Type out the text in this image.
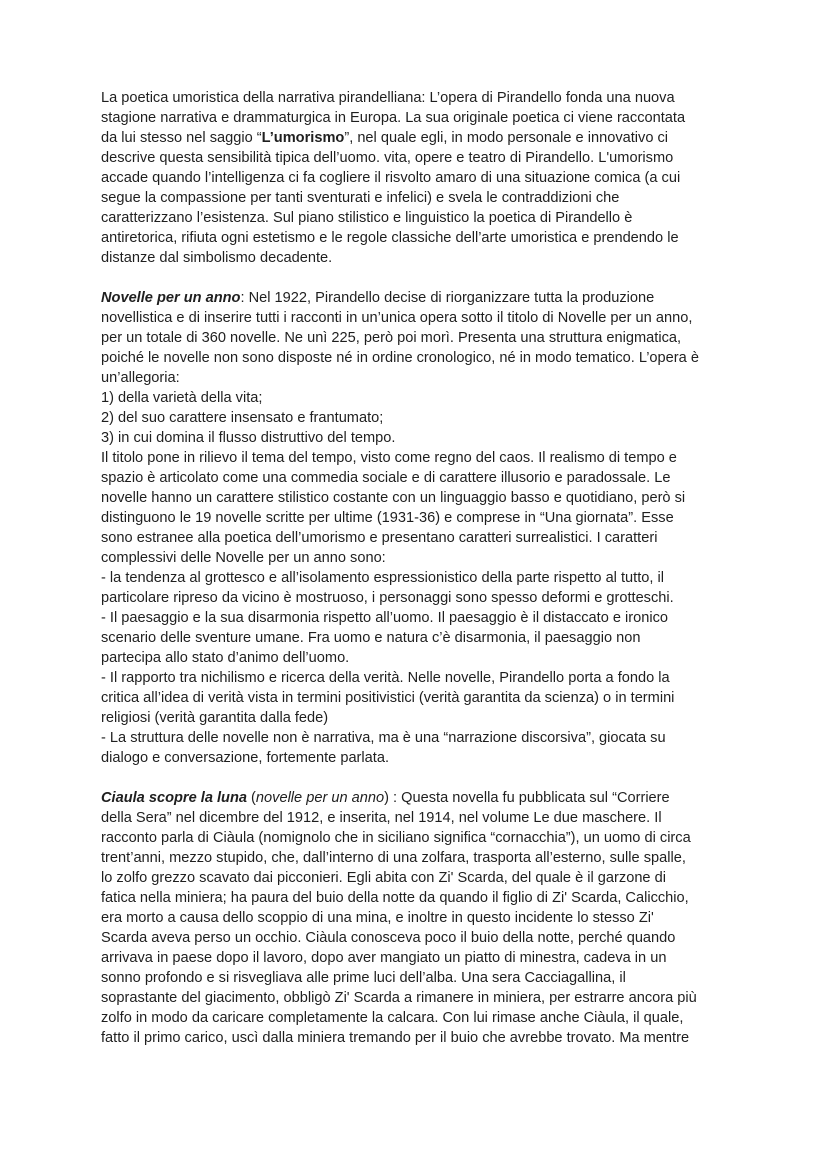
La poetica umoristica della narrativa pirandelliana: L’opera di Pirandello fonda una nuova
stagione narrativa e drammaturgica in Europa. La sua originale poetica ci viene raccontata
da lui stesso nel saggio “L’umorismo”, nel quale egli, in modo personale e innovativo ci
descrive questa sensibilità tipica dell’uomo. vita, opere e teatro di Pirandello. L'umorismo
accade quando l’intelligenza ci fa cogliere il risvolto amaro di una situazione comica (a cui
segue la compassione per tanti sventurati e infelici) e svela le contraddizioni che
caratterizzano l’esistenza. Sul piano stilistico e linguistico la poetica di Pirandello è
antiretorica, rifiuta ogni estetismo e le regole classiche dell’arte umoristica e prendendo le
distanze dal simbolismo decadente.
Novelle per un anno: Nel 1922, Pirandello decise di riorganizzare tutta la produzione
novellistica e di inserire tutti i racconti in un’unica opera sotto il titolo di Novelle per un anno,
per un totale di 360 novelle. Ne unì 225, però poi morì. Presenta una struttura enigmatica,
poiché le novelle non sono disposte né in ordine cronologico, né in modo tematico. L’opera è
un’allegoria:
1) della varietà della vita;
2) del suo carattere insensato e frantumato;
3) in cui domina il flusso distruttivo del tempo.
Il titolo pone in rilievo il tema del tempo, visto come regno del caos. Il realismo di tempo e
spazio è articolato come una commedia sociale e di carattere illusorio e paradossale. Le
novelle hanno un carattere stilistico costante con un linguaggio basso e quotidiano, però si
distinguono le 19 novelle scritte per ultime (1931-36) e comprese in “Una giornata”. Esse
sono estranee alla poetica dell’umorismo e presentano caratteri surrealistici. I caratteri
complessivi delle Novelle per un anno sono:
- la tendenza al grottesco e all’isolamento espressionistico della parte rispetto al tutto, il
particolare ripreso da vicino è mostruoso, i personaggi sono spesso deformi e grotteschi.
- Il paesaggio e la sua disarmonia rispetto all’uomo. Il paesaggio è il distaccato e ironico
scenario delle sventure umane. Fra uomo e natura c’è disarmonia, il paesaggio non
partecipa allo stato d’animo dell’uomo.
- Il rapporto tra nichilismo e ricerca della verità. Nelle novelle, Pirandello porta a fondo la
critica all’idea di verità vista in termini positivistici (verità garantita da scienza) o in termini
religiosi (verità garantita dalla fede)
- La struttura delle novelle non è narrativa, ma è una “narrazione discorsiva”, giocata su
dialogo e conversazione, fortemente parlata.
Ciaula scopre la luna (novelle per un anno) : Questa novella fu pubblicata sul “Corriere
della Sera” nel dicembre del 1912, e inserita, nel 1914, nel volume Le due maschere. Il
racconto parla di Ciàula (nomignolo che in siciliano significa “cornacchia”), un uomo di circa
trent’anni, mezzo stupido, che, dall’interno di una zolfara, trasporta all’esterno, sulle spalle,
lo zolfo grezzo scavato dai picconieri. Egli abita con Zi' Scarda, del quale è il garzone di
fatica nella miniera; ha paura del buio della notte da quando il figlio di Zi' Scarda, Calicchio,
era morto a causa dello scoppio di una mina, e inoltre in questo incidente lo stesso Zi'
Scarda aveva perso un occhio. Ciàula conosceva poco il buio della notte, perché quando
arrivava in paese dopo il lavoro, dopo aver mangiato un piatto di minestra, cadeva in un
sonno profondo e si risvegliava alle prime luci dell’alba. Una sera Cacciagallina, il
soprastante del giacimento, obbligò Zi' Scarda a rimanere in miniera, per estrarre ancora più
zolfo in modo da caricare completamente la calcara. Con lui rimase anche Ciàula, il quale,
fatto il primo carico, uscì dalla miniera tremando per il buio che avrebbe trovato. Ma mentre
